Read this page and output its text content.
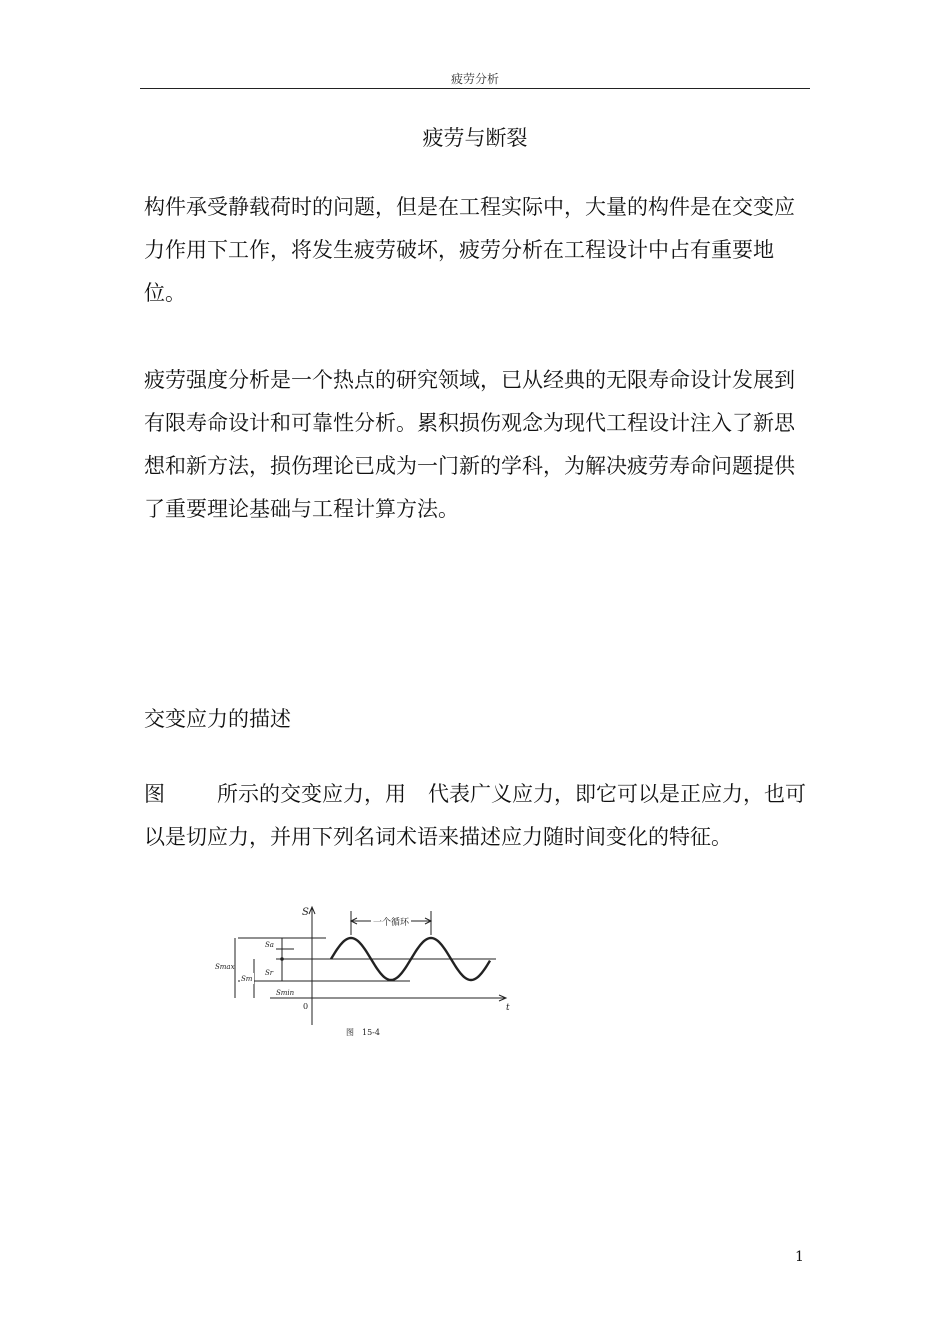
疲劳分析
疲劳与断裂

构件承受静载荷时的问题，但是在工程实际中，大量的构件是在交变应力作用下工作，将发生疲劳破坏，疲劳分析在工程设计中占有重要地位。

疲劳强度分析是一个热点的研究领域，已从经典的无限寿命设计发展到有限寿命设计和可靠性分析。累积损伤观念为现代工程设计注入了新思想和新方法，损伤理论已成为一门新的学科，为解决疲劳寿命问题提供了重要理论基础与工程计算方法。

交变应力的描述

图 所示的交变应力，用 代表广义应力，即它可以是正应力，也可以是切应力，并用下列名词术语来描述应力随时间变化的特征。

一个循环
S
t
0
Smax
Sm
Sa
Sr
Smin
图　15-4
1
